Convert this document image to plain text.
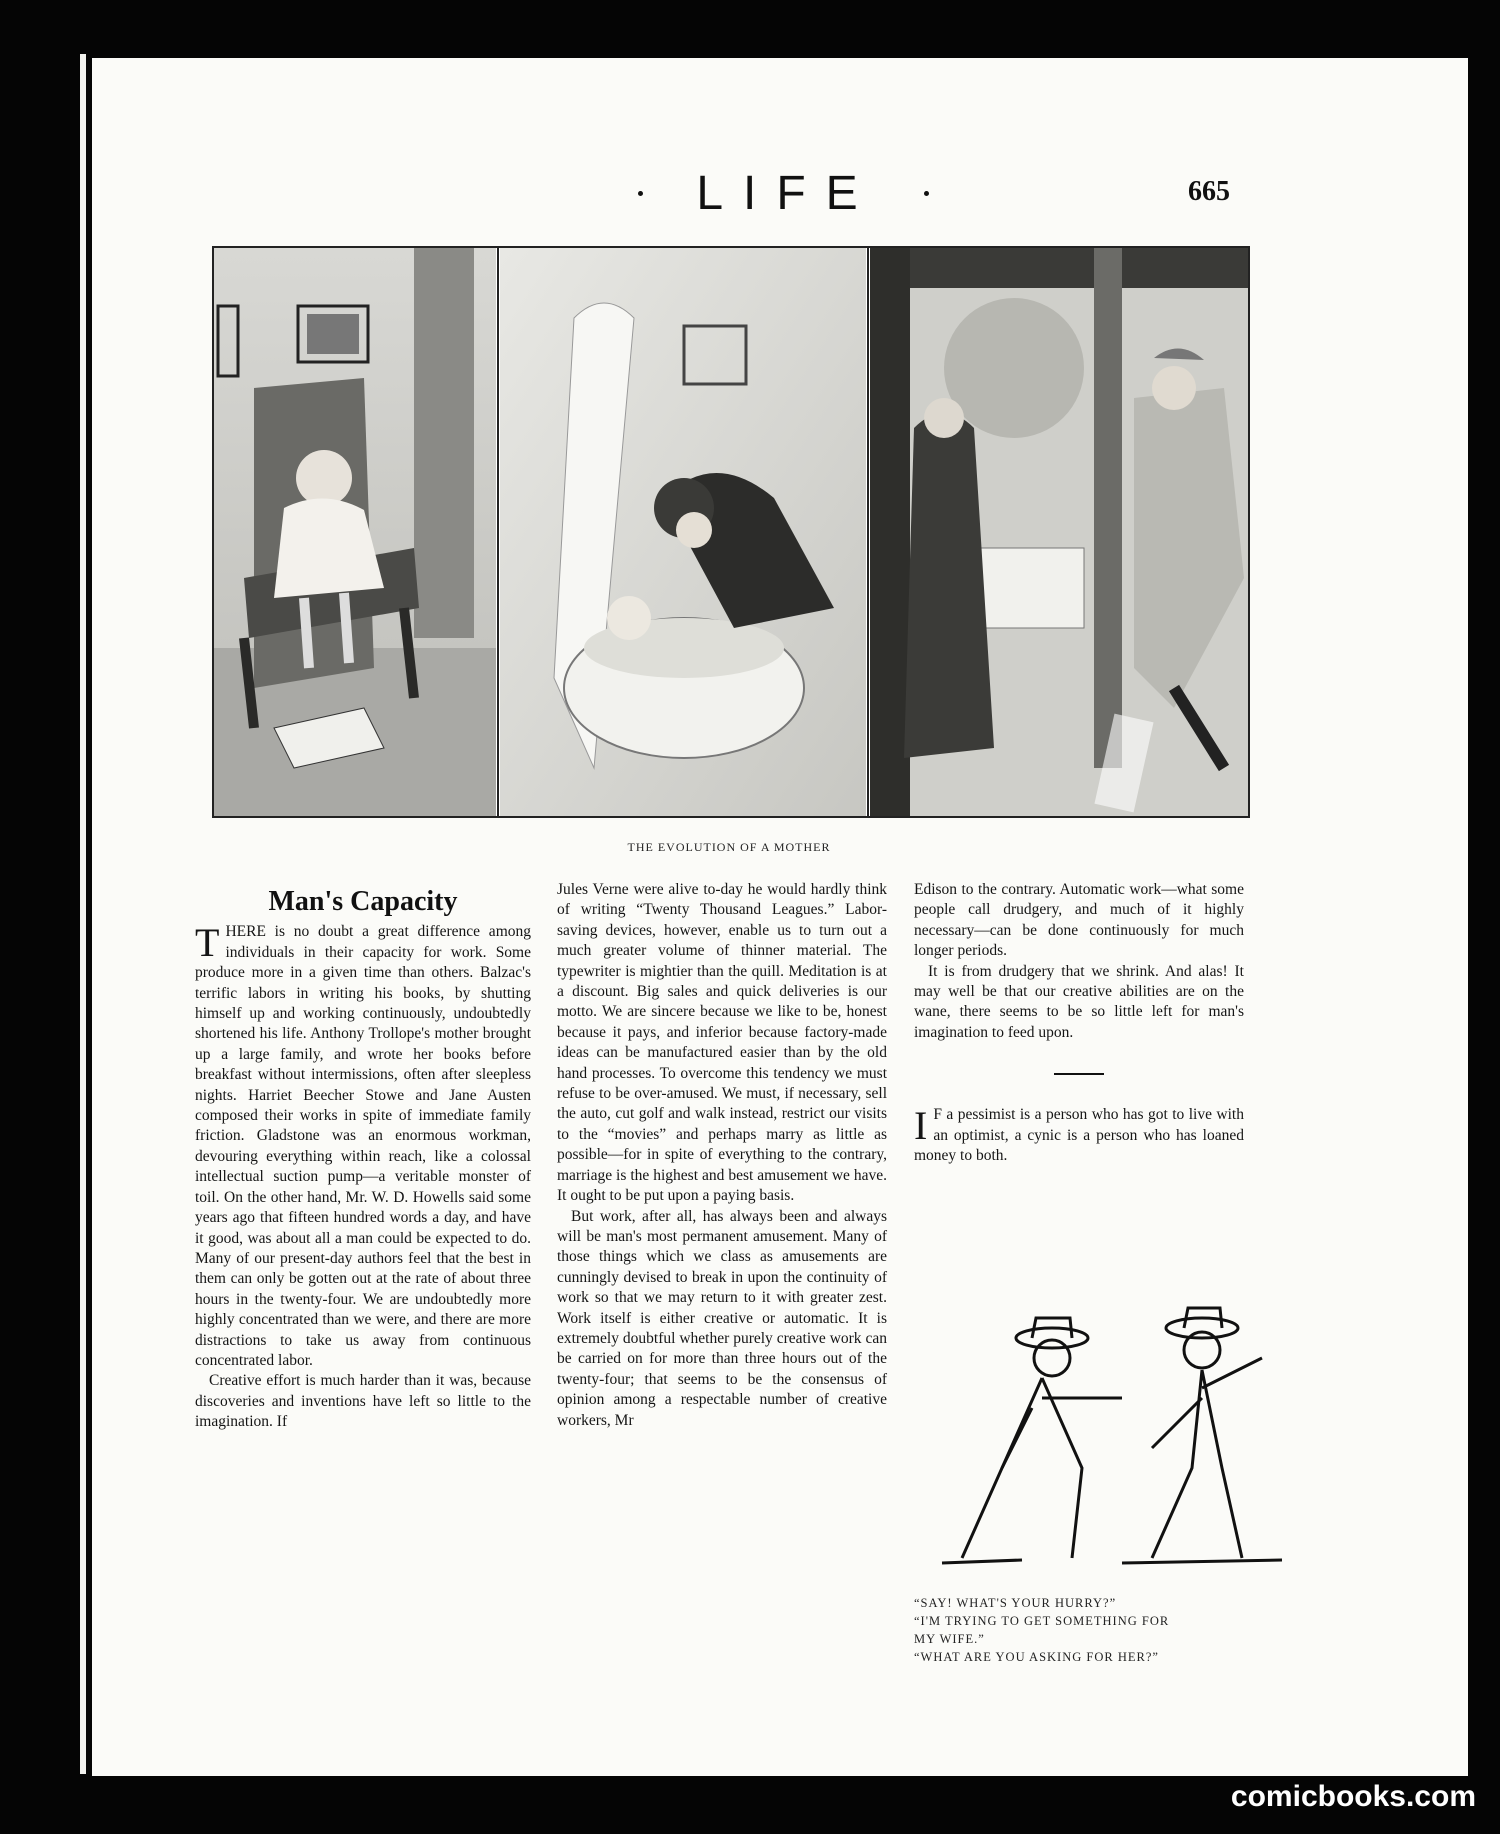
LIFE	665
THE EVOLUTION OF A MOTHER
Man's Capacity

THERE is no doubt a great difference among individuals in their capacity for work. Some produce more in a given time than others. Balzac's terrific labors in writing his books, by shutting himself up and working continuously, undoubtedly shortened his life. Anthony Trollope's mother brought up a large family, and wrote her books before breakfast without intermissions, often after sleepless nights. Harriet Beecher Stowe and Jane Austen composed their works in spite of immediate family friction. Gladstone was an enormous workman, devouring everything within reach, like a colossal intellectual suction pump—a veritable monster of toil. On the other hand, Mr. W. D. Howells said some years ago that fifteen hundred words a day, and have it good, was about all a man could be expected to do. Many of our present-day authors feel that the best in them can only be gotten out at the rate of about three hours in the twenty-four. We are undoubtedly more highly concentrated than we were, and there are more distractions to take us away from continuous concentrated labor.

Creative effort is much harder than it was, because discoveries and inventions have left so little to the imagination. If

Jules Verne were alive to-day he would hardly think of writing “Twenty Thousand Leagues.” Labor-saving devices, however, enable us to turn out a much greater volume of thinner material. The typewriter is mightier than the quill. Meditation is at a discount. Big sales and quick deliveries is our motto. We are sincere because we like to be, honest because it pays, and inferior because factory-made ideas can be manufactured easier than by the old hand processes. To overcome this tendency we must refuse to be over-amused. We must, if necessary, sell the auto, cut golf and walk instead, restrict our visits to the “movies” and perhaps marry as little as possible—for in spite of everything to the contrary, marriage is the highest and best amusement we have. It ought to be put upon a paying basis.

But work, after all, has always been and always will be man's most permanent amusement. Many of those things which we class as amusements are cunningly devised to break in upon the continuity of work so that we may return to it with greater zest. Work itself is either creative or automatic. It is extremely doubtful whether purely creative work can be carried on for more than three hours out of the twenty-four; that seems to be the consensus of opinion among a respectable number of creative workers, Mr

Edison to the contrary. Automatic work—what some people call drudgery, and much of it highly necessary—can be done continuously for much longer periods.

It is from drudgery that we shrink. And alas! It may well be that our creative abilities are on the wane, there seems to be so little left for man's imagination to feed upon.

I F a pessimist is a person who has got to live with an optimist, a cynic is a person who has loaned money to both.

“SAY! WHAT'S YOUR HURRY?”
“I'M TRYING TO GET SOMETHING FOR
MY WIFE.”
“WHAT ARE YOU ASKING FOR HER?”
comicbooks.com
